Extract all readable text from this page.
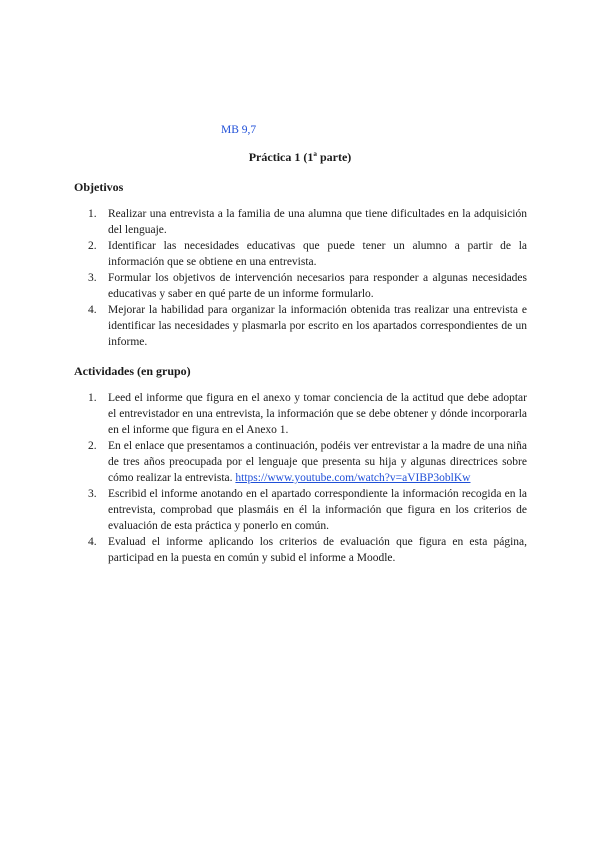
MB 9,7
Práctica 1 (1ª parte)
Objetivos
1. Realizar una entrevista a la familia de una alumna que tiene dificultades en la adquisición del lenguaje.
2. Identificar las necesidades educativas que puede tener un alumno a partir de la información que se obtiene en una entrevista.
3. Formular los objetivos de intervención necesarios para responder a algunas necesidades educativas y saber en qué parte de un informe formularlo.
4. Mejorar la habilidad para organizar la información obtenida tras realizar una entrevista e identificar las necesidades y plasmarla por escrito en los apartados correspondientes de un informe.
Actividades (en grupo)
1. Leed el informe que figura en el anexo y tomar conciencia de la actitud que debe adoptar el entrevistador en una entrevista, la información que se debe obtener y dónde incorporarla en el informe que figura en el Anexo 1.
2. En el enlace que presentamos a continuación, podéis ver entrevistar a la madre de una niña de tres años preocupada por el lenguaje que presenta su hija y algunas directrices sobre cómo realizar la entrevista. https://www.youtube.com/watch?v=aVIBP3oblKw
3. Escribid el informe anotando en el apartado correspondiente la información recogida en la entrevista, comprobad que plasmáis en él la información que figura en los criterios de evaluación de esta práctica y ponerlo en común.
4. Evaluad el informe aplicando los criterios de evaluación que figura en esta página, participad en la puesta en común y subid el informe a Moodle.
